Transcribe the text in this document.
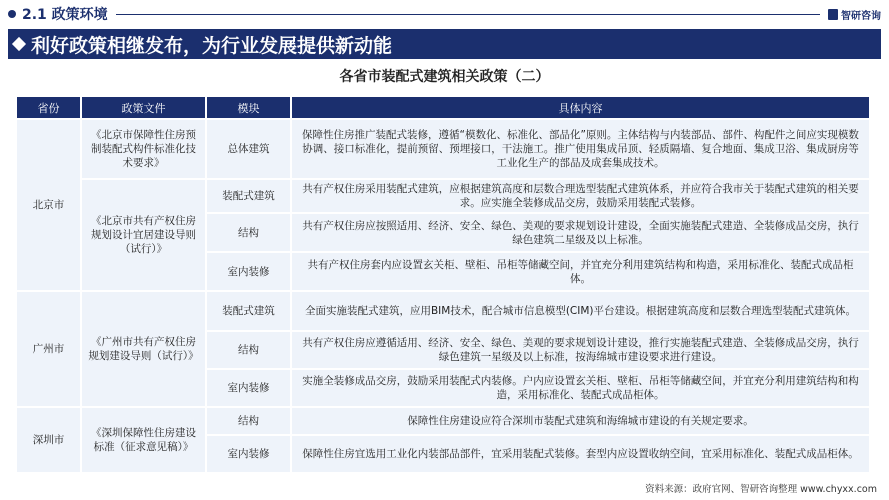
2.1 政策环境	智研咨询
利好政策相继发布，为行业发展提供新动能
各省市装配式建筑相关政策（二）
省份	政策文件	模块	具体内容
北京市	《北京市保障性住房预制装配式构件标准化技术要求》	总体建筑	保障性住房推广装配式装修，遵循“模数化、标准化、部品化”原则。主体结构与内装部品、部件、构配件之间应实现模数协调、接口标准化，提前预留、预埋接口，干法施工。推广使用集成吊顶、轻质隔墙、复合地面、集成卫浴、集成厨房等工业化生产的部品及成套集成技术。
	《北京市共有产权住房规划设计宜居建设导则（试行）》	装配式建筑	共有产权住房采用装配式建筑，应根据建筑高度和层数合理选型装配式建筑体系，并应符合我市关于装配式建筑的相关要求。应实施全装修成品交房，鼓励采用装配式装修。
		结构	共有产权住房应按照适用、经济、安全、绿色、美观的要求规划设计建设，全面实施装配式建造、全装修成品交房，执行绿色建筑二星级及以上标准。
		室内装修	共有产权住房套内应设置玄关柜、壁柜、吊柜等储藏空间，并宜充分利用建筑结构和构造，采用标准化、装配式成品柜体。
广州市	《广州市共有产权住房规划建设导则（试行）》	装配式建筑	全面实施装配式建筑，应用BIM技术，配合城市信息模型(CIM)平台建设。根据建筑高度和层数合理选型装配式建筑体。
		结构	共有产权住房应遵循适用、经济、安全、绿色、美观的要求规划设计建设，推行实施装配式建造、全装修成品交房，执行绿色建筑一星级及以上标准，按海绵城市建设要求进行建设。
		室内装修	实施全装修成品交房，鼓励采用装配式内装修。户内应设置玄关柜、壁柜、吊柜等储藏空间，并宜充分利用建筑结构和构造，采用标准化、装配式成品柜体。
深圳市	《深圳保障性住房建设标准（征求意见稿）》	结构	保障性住房建设应符合深圳市装配式建筑和海绵城市建设的有关规定要求。
		室内装修	保障性住房宜选用工业化内装部品部件，宜采用装配式装修。套型内应设置收纳空间，宜采用标准化、装配式成品柜体。
资料来源：政府官网、智研咨询整理 www.chyxx.com
